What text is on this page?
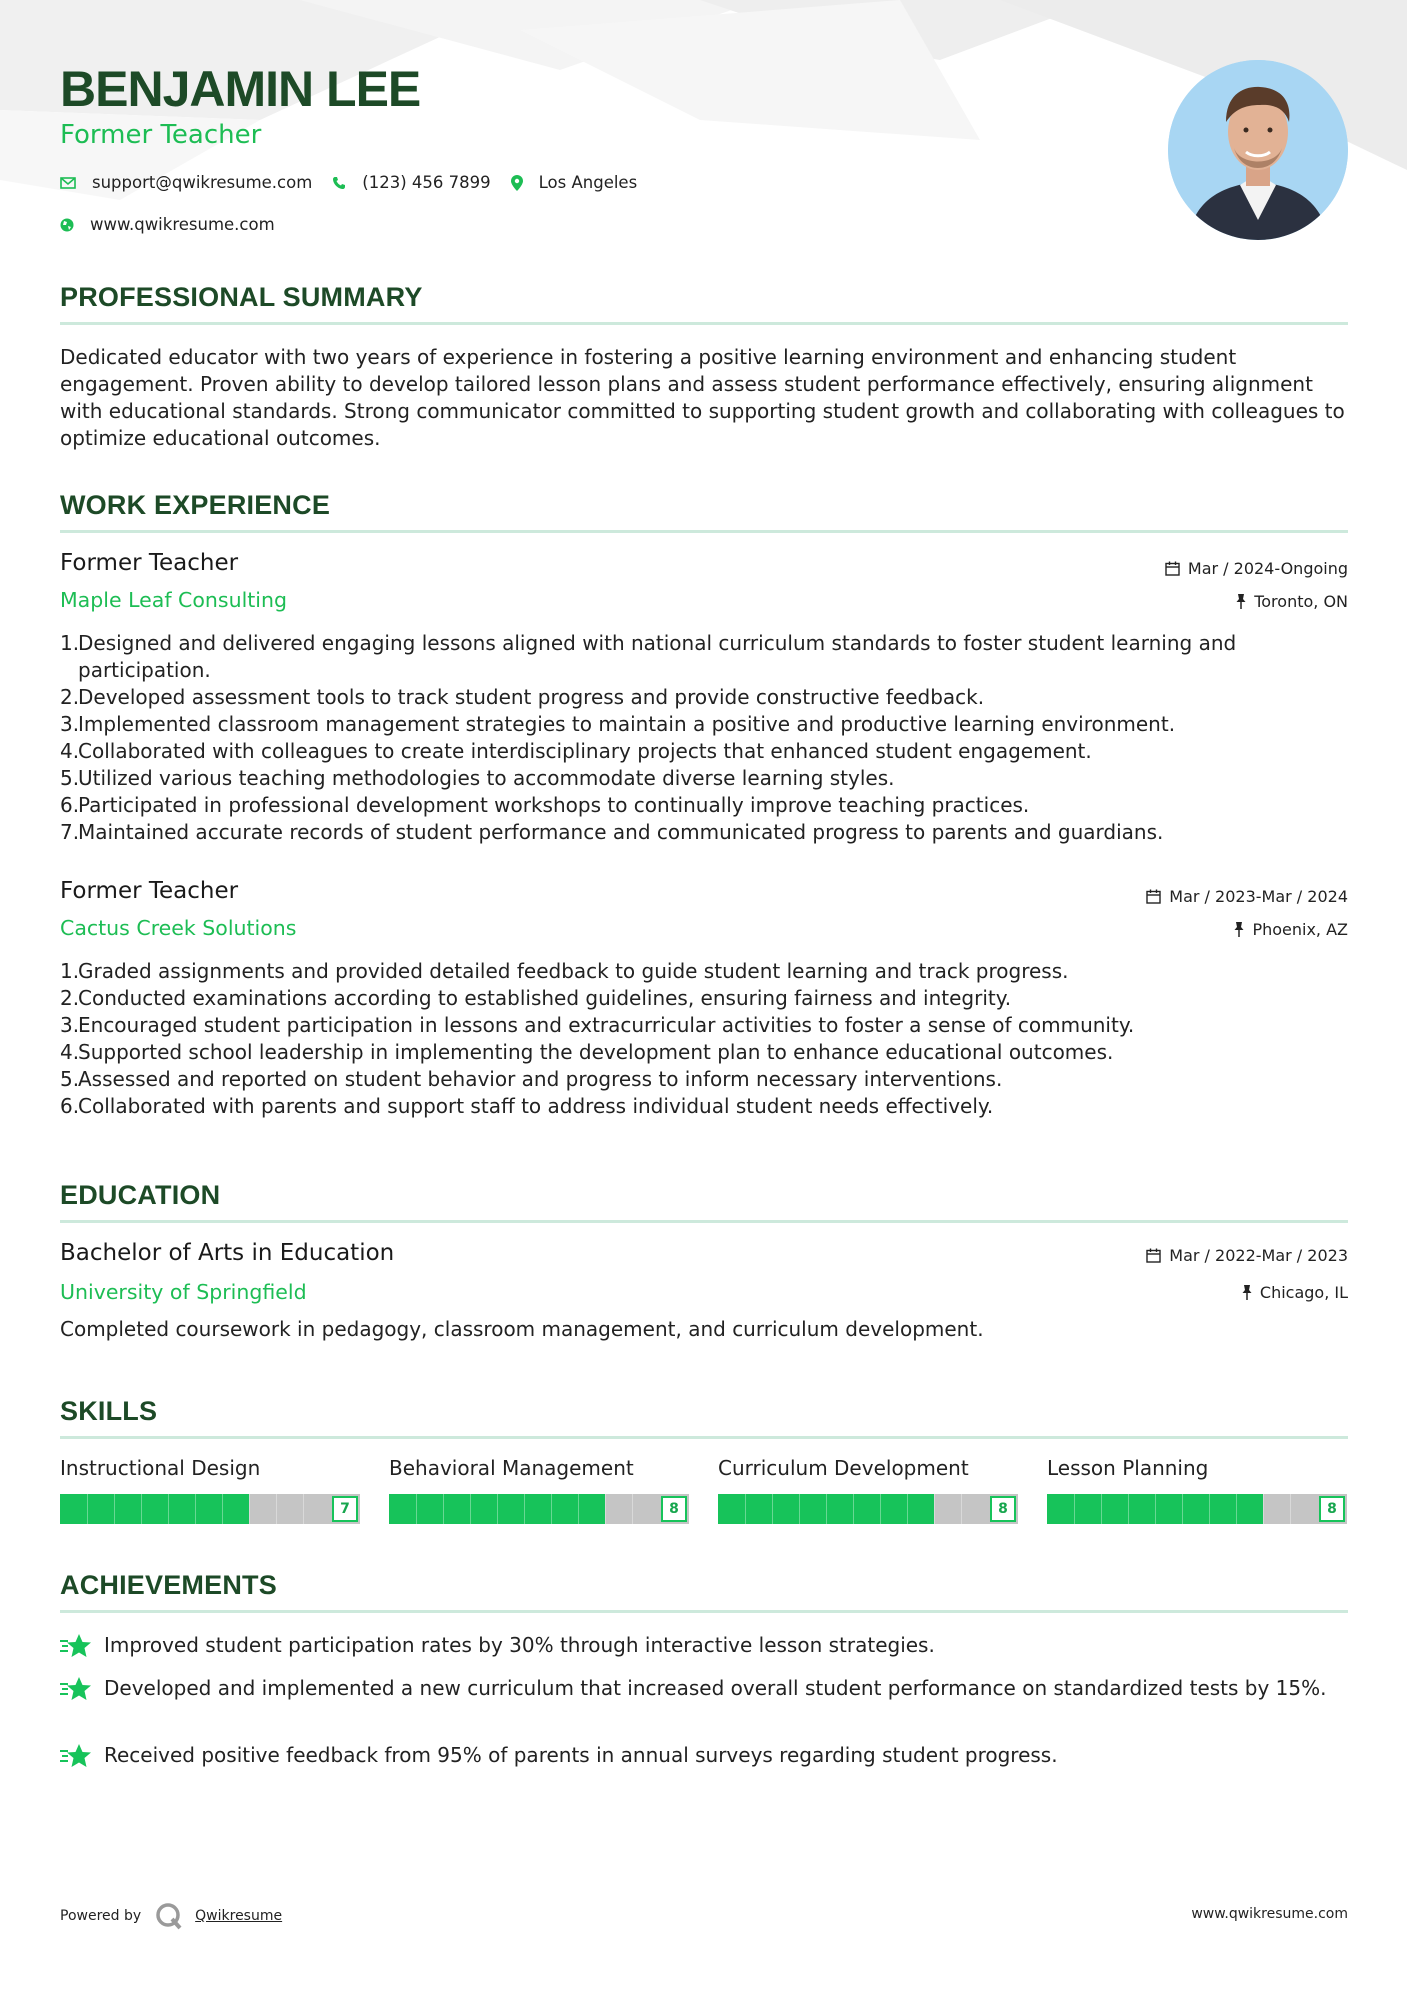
BENJAMIN LEE
Former Teacher
support@qwikresume.com	(123) 456 7899	Los Angeles
www.qwikresume.com
PROFESSIONAL SUMMARY
Dedicated educator with two years of experience in fostering a positive learning environment and enhancing student engagement. Proven ability to develop tailored lesson plans and assess student performance effectively, ensuring alignment with educational standards. Strong communicator committed to supporting student growth and collaborating with colleagues to optimize educational outcomes.
WORK EXPERIENCE
Former Teacher
Maple Leaf Consulting
Mar / 2024-Ongoing
Toronto, ON
1.
Designed and delivered engaging lessons aligned with national curriculum standards to foster student learning and participation.
2.
Developed assessment tools to track student progress and provide constructive feedback.
3.
Implemented classroom management strategies to maintain a positive and productive learning environment.
4.
Collaborated with colleagues to create interdisciplinary projects that enhanced student engagement.
5.
Utilized various teaching methodologies to accommodate diverse learning styles.
6.
Participated in professional development workshops to continually improve teaching practices.
7.
Maintained accurate records of student performance and communicated progress to parents and guardians.
Former Teacher
Cactus Creek Solutions
Mar / 2023-Mar / 2024
Phoenix, AZ
1.
Graded assignments and provided detailed feedback to guide student learning and track progress.
2.
Conducted examinations according to established guidelines, ensuring fairness and integrity.
3.
Encouraged student participation in lessons and extracurricular activities to foster a sense of community.
4.
Supported school leadership in implementing the development plan to enhance educational outcomes.
5.
Assessed and reported on student behavior and progress to inform necessary interventions.
6.
Collaborated with parents and support staff to address individual student needs effectively.
EDUCATION
Bachelor of Arts in Education
University of Springfield
Mar / 2022-Mar / 2023
Chicago, IL
Completed coursework in pedagogy, classroom management, and curriculum development.
SKILLS
Instructional Design
7
Behavioral Management
8
Curriculum Development
8
Lesson Planning
8
ACHIEVEMENTS
Improved student participation rates by 30% through interactive lesson strategies.
Developed and implemented a new curriculum that increased overall student performance on standardized tests by 15%.
Received positive feedback from 95% of parents in annual surveys regarding student progress.
Powered by	Qwikresume	www.qwikresume.com
